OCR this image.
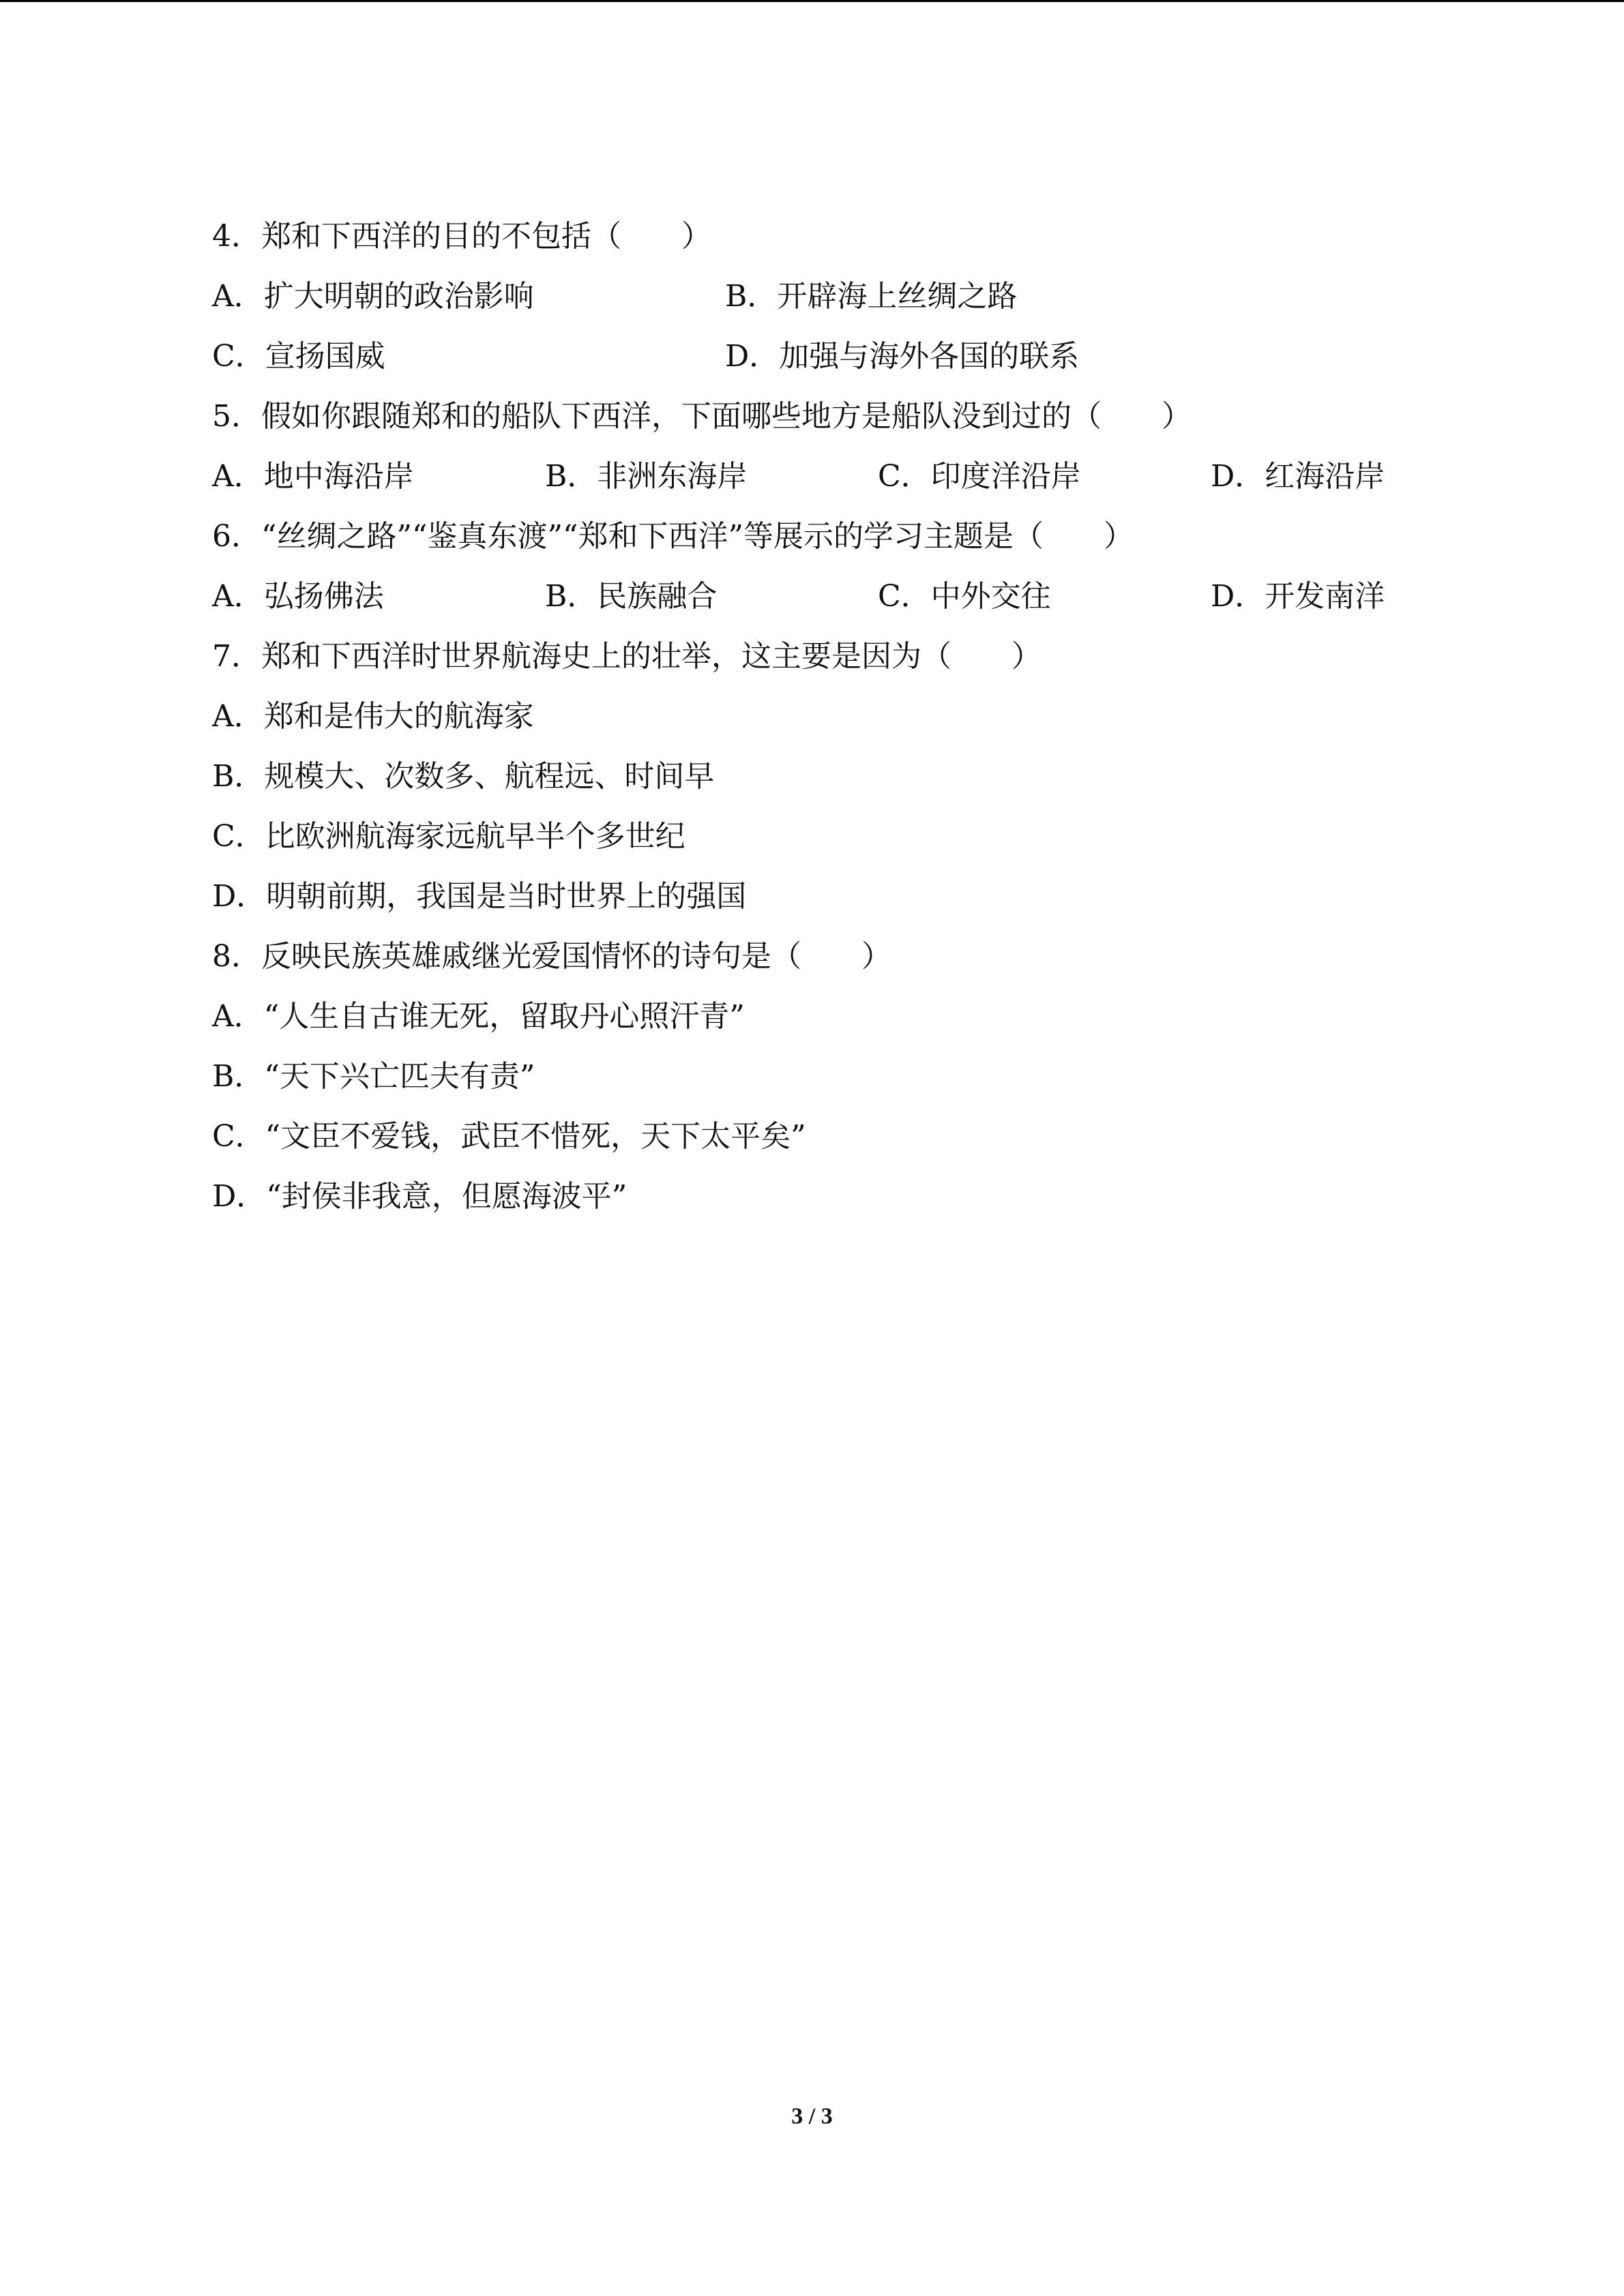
4．郑和下西洋的目的不包括（　　）
A．扩大明朝的政治影响	B．开辟海上丝绸之路
C．宣扬国威	D．加强与海外各国的联系
5．假如你跟随郑和的船队下西洋，下面哪些地方是船队没到过的（　　）
A．地中海沿岸	B．非洲东海岸	C．印度洋沿岸	D．红海沿岸
6．“丝绸之路”“鉴真东渡”“郑和下西洋”等展示的学习主题是（　　）
A．弘扬佛法	B．民族融合	C．中外交往	D．开发南洋
7．郑和下西洋时世界航海史上的壮举，这主要是因为（　　）
A．郑和是伟大的航海家
B．规模大、次数多、航程远、时间早
C．比欧洲航海家远航早半个多世纪
D．明朝前期，我国是当时世界上的强国
8．反映民族英雄戚继光爱国情怀的诗句是（　　）
A．“人生自古谁无死，留取丹心照汗青”
B．“天下兴亡匹夫有责”
C．“文臣不爱钱，武臣不惜死，天下太平矣”
D．“封侯非我意，但愿海波平”
3 / 3
